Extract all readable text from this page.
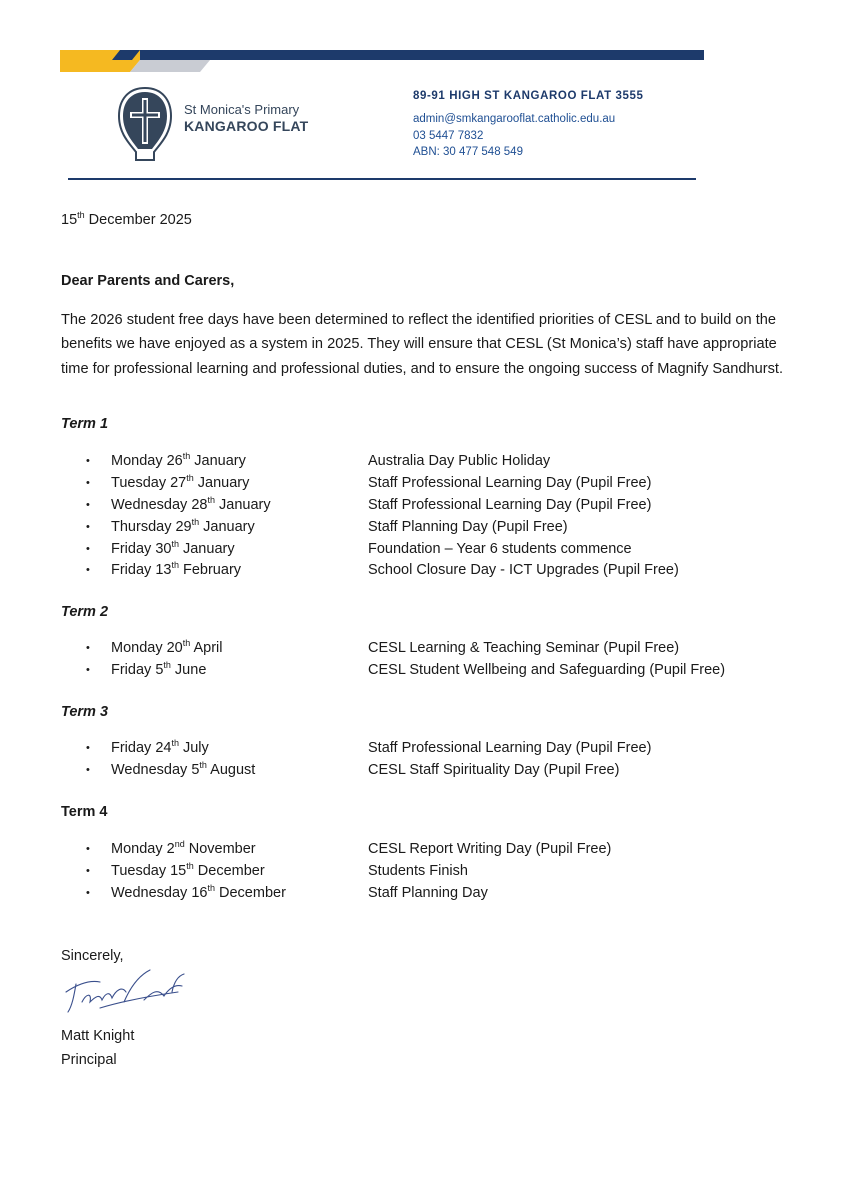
St Monica's Primary
KANGAROO FLAT
89-91 HIGH ST KANGAROO FLAT 3555
admin@smkangarooflat.catholic.edu.au
03 5447 7832
ABN: 30 477 548 549
15th December 2025
Dear Parents and Carers,
The 2026 student free days have been determined to reflect the identified priorities of CESL and to build on the benefits we have enjoyed as a system in 2025. They will ensure that CESL (St Monica’s) staff have appropriate time for professional learning and professional duties, and to ensure the ongoing success of Magnify Sandhurst.
Term 1
• Monday 26th January	Australia Day Public Holiday
• Tuesday 27th January	Staff Professional Learning Day (Pupil Free)
• Wednesday 28th January	Staff Professional Learning Day (Pupil Free)
• Thursday 29th January	Staff Planning Day (Pupil Free)
• Friday 30th January	Foundation – Year 6 students commence
• Friday 13th February	School Closure Day - ICT Upgrades (Pupil Free)
Term 2
• Monday 20th April	CESL Learning & Teaching Seminar (Pupil Free)
• Friday 5th June	CESL Student Wellbeing and Safeguarding (Pupil Free)
Term 3
• Friday 24th July	Staff Professional Learning Day (Pupil Free)
• Wednesday 5th August	CESL Staff Spirituality Day (Pupil Free)
Term 4
• Monday 2nd November	CESL Report Writing Day (Pupil Free)
• Tuesday 15th December	Students Finish
• Wednesday 16th December	Staff Planning Day
Sincerely,
Matt Knight
Principal
